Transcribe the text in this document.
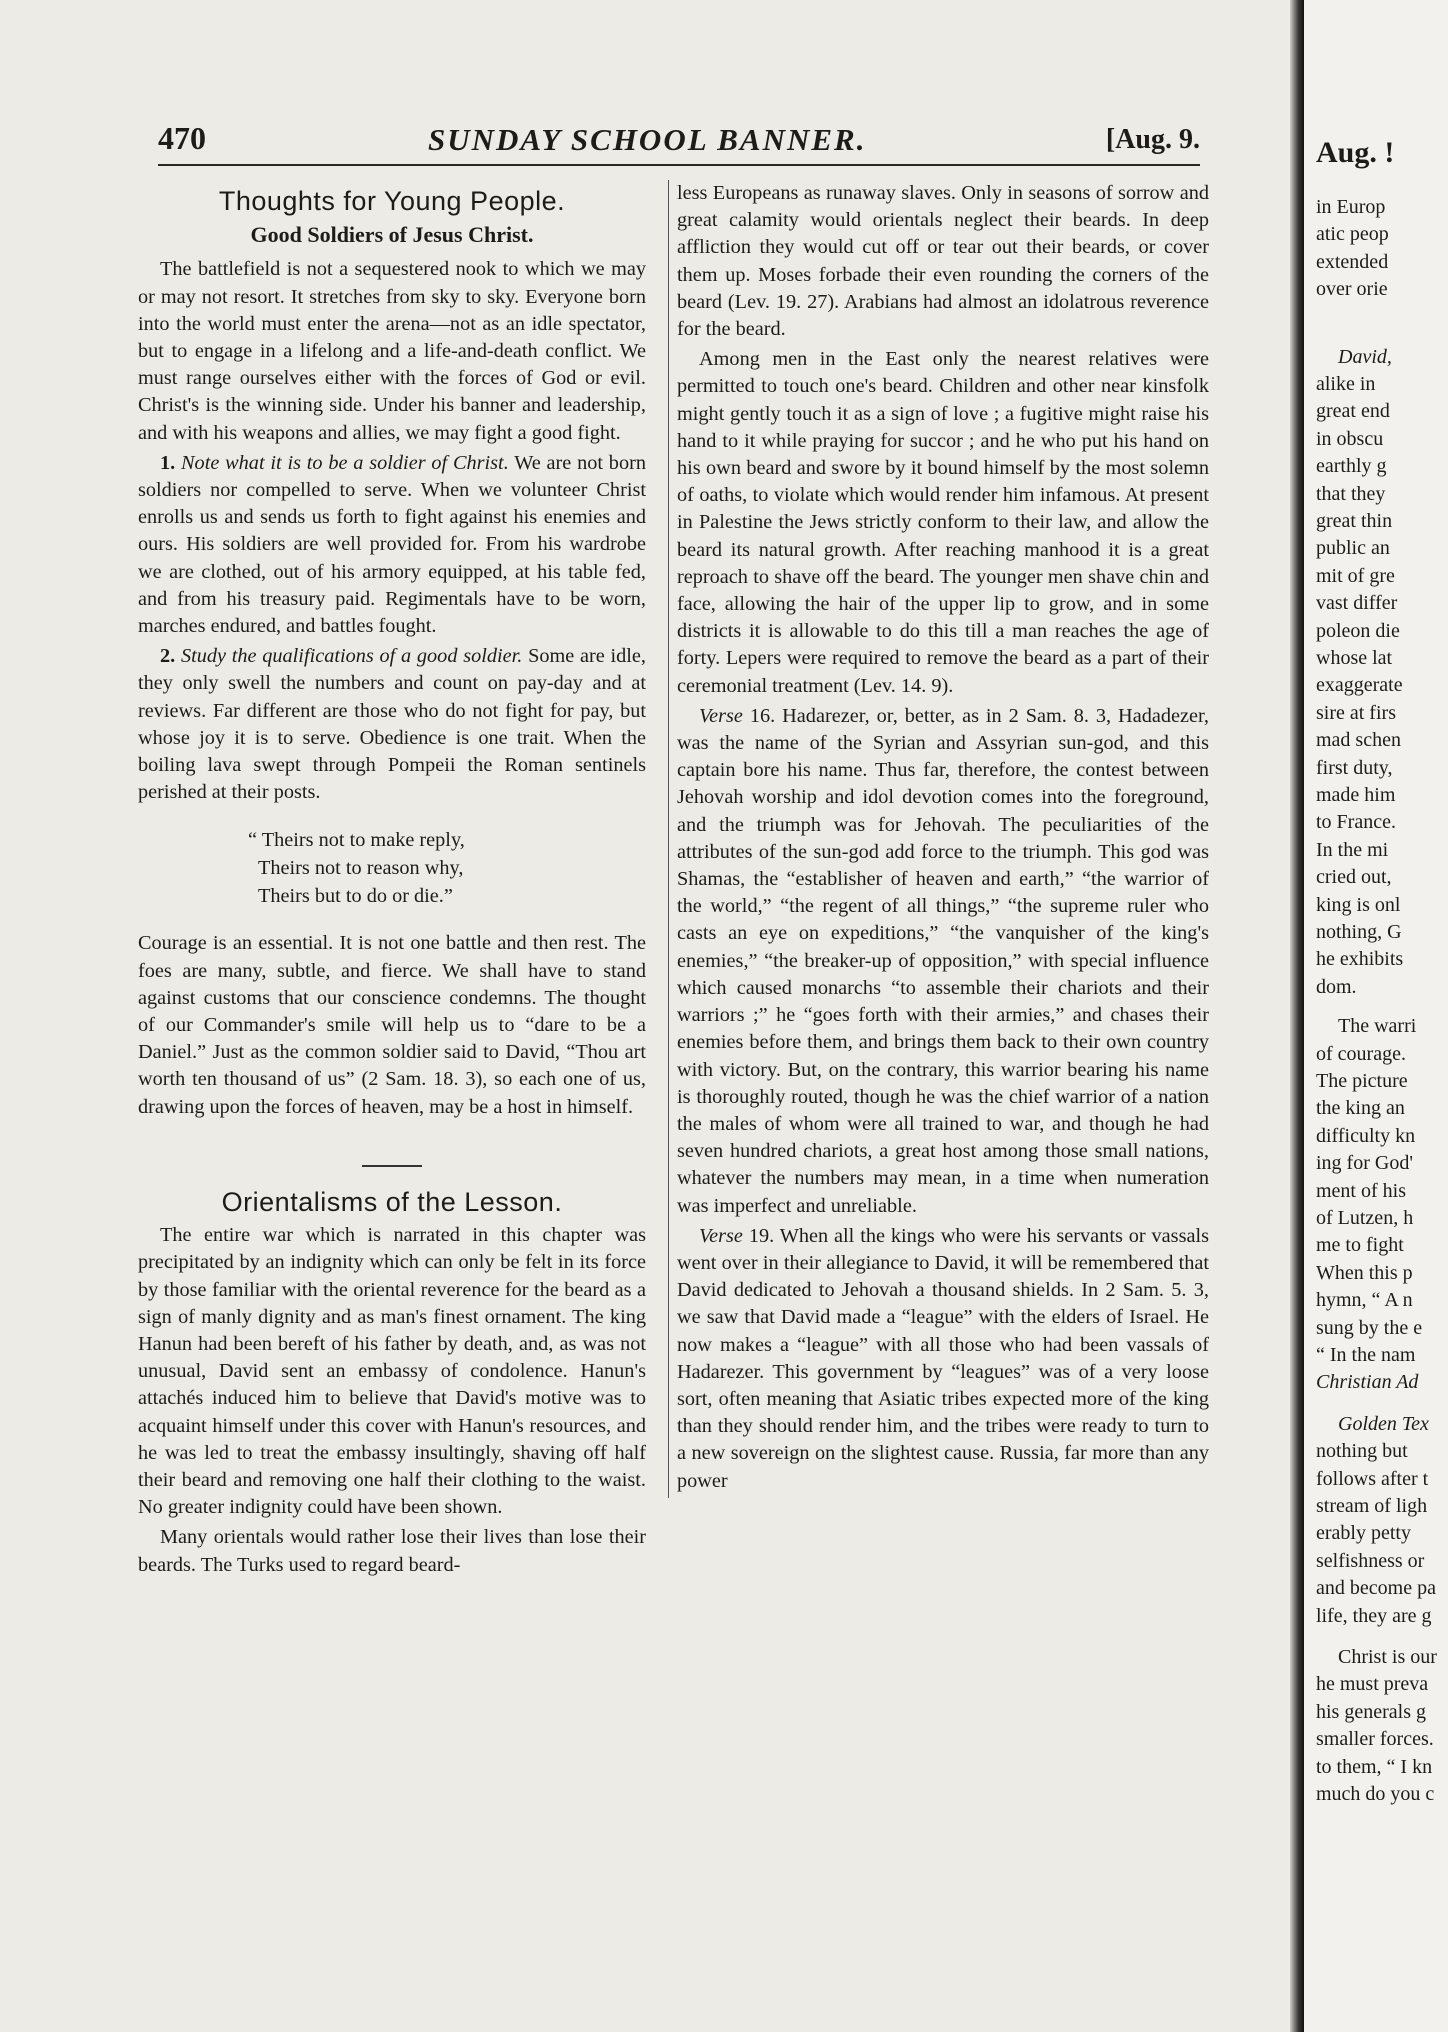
470	SUNDAY SCHOOL BANNER.	[Aug. 9.
Thoughts for Young People.
Good Soldiers of Jesus Christ.

The battlefield is not a sequestered nook to which we may or may not resort. It stretches from sky to sky. Everyone born into the world must enter the arena—not as an idle spectator, but to engage in a lifelong and a life-and-death conflict. We must range ourselves either with the forces of God or evil. Christ's is the winning side. Under his banner and leadership, and with his weapons and allies, we may fight a good fight.

1. Note what it is to be a soldier of Christ. We are not born soldiers nor compelled to serve. When we volunteer Christ enrolls us and sends us forth to fight against his enemies and ours. His soldiers are well provided for. From his wardrobe we are clothed, out of his armory equipped, at his table fed, and from his treasury paid. Regimentals have to be worn, marches endured, and battles fought.

2. Study the qualifications of a good soldier. Some are idle, they only swell the numbers and count on pay-day and at reviews. Far different are those who do not fight for pay, but whose joy it is to serve. Obedience is one trait. When the boiling lava swept through Pompeii the Roman sentinels perished at their posts.

“ Theirs not to make reply,
Theirs not to reason why,
Theirs but to do or die.”

Courage is an essential. It is not one battle and then rest. The foes are many, subtle, and fierce. We shall have to stand against customs that our conscience condemns. The thought of our Commander's smile will help us to “dare to be a Daniel.” Just as the common soldier said to David, “Thou art worth ten thousand of us” (2 Sam. 18. 3), so each one of us, drawing upon the forces of heaven, may be a host in himself.

Orientalisms of the Lesson.

The entire war which is narrated in this chapter was precipitated by an indignity which can only be felt in its force by those familiar with the oriental reverence for the beard as a sign of manly dignity and as man's finest ornament. The king Hanun had been bereft of his father by death, and, as was not unusual, David sent an embassy of condolence. Hanun's attachés induced him to believe that David's motive was to acquaint himself under this cover with Hanun's resources, and he was led to treat the embassy insultingly, shaving off half their beard and removing one half their clothing to the waist. No greater indignity could have been shown.

Many orientals would rather lose their lives than lose their beards. The Turks used to regard beard-

less Europeans as runaway slaves. Only in seasons of sorrow and great calamity would orientals neglect their beards. In deep affliction they would cut off or tear out their beards, or cover them up. Moses forbade their even rounding the corners of the beard (Lev. 19. 27). Arabians had almost an idolatrous reverence for the beard.

Among men in the East only the nearest relatives were permitted to touch one's beard. Children and other near kinsfolk might gently touch it as a sign of love ; a fugitive might raise his hand to it while praying for succor ; and he who put his hand on his own beard and swore by it bound himself by the most solemn of oaths, to violate which would render him infamous. At present in Palestine the Jews strictly conform to their law, and allow the beard its natural growth. After reaching manhood it is a great reproach to shave off the beard. The younger men shave chin and face, allowing the hair of the upper lip to grow, and in some districts it is allowable to do this till a man reaches the age of forty. Lepers were required to remove the beard as a part of their ceremonial treatment (Lev. 14. 9).

Verse 16. Hadarezer, or, better, as in 2 Sam. 8. 3, Hadadezer, was the name of the Syrian and Assyrian sun-god, and this captain bore his name. Thus far, therefore, the contest between Jehovah worship and idol devotion comes into the foreground, and the triumph was for Jehovah. The peculiarities of the attributes of the sun-god add force to the triumph. This god was Shamas, the “establisher of heaven and earth,” “the warrior of the world,” “the regent of all things,” “the supreme ruler who casts an eye on expeditions,” “the vanquisher of the king's enemies,” “the breaker-up of opposition,” with special influence which caused monarchs “to assemble their chariots and their warriors ;” he “goes forth with their armies,” and chases their enemies before them, and brings them back to their own country with victory. But, on the contrary, this warrior bearing his name is thoroughly routed, though he was the chief warrior of a nation the males of whom were all trained to war, and though he had seven hundred chariots, a great host among those small nations, whatever the numbers may mean, in a time when numeration was imperfect and unreliable.

Verse 19. When all the kings who were his servants or vassals went over in their allegiance to David, it will be remembered that David dedicated to Jehovah a thousand shields. In 2 Sam. 5. 3, we saw that David made a “league” with the elders of Israel. He now makes a “league” with all those who had been vassals of Hadarezer. This government by “leagues” was of a very loose sort, often meaning that Asiatic tribes expected more of the king than they should render him, and the tribes were ready to turn to a new sovereign on the slightest cause. Russia, far more than any power

Aug. !
in Europ
atic peop
extended
over orie
David,
alike in
great end
in obscu
earthly g
that they
great thin
public an
mit of gre
vast differ
poleon die
whose lat
exaggerate
sire at firs
mad schen
first duty,
made him
to France.
In the mi
cried out,
king is onl
nothing, G
he exhibits
dom.
The warri
of courage.
The picture
the king an
difficulty kn
ing for God'
ment of his
of Lutzen, h
me to fight
When this p
hymn, “ A n
sung by the e
“ In the nam
Christian Ad
Golden Tex
nothing but
follows after t
stream of ligh
erably petty
selfishness or
and become pa
life, they are g
Christ is our
he must preva
his generals g
smaller forces.
to them, “ I kn
much do you c
